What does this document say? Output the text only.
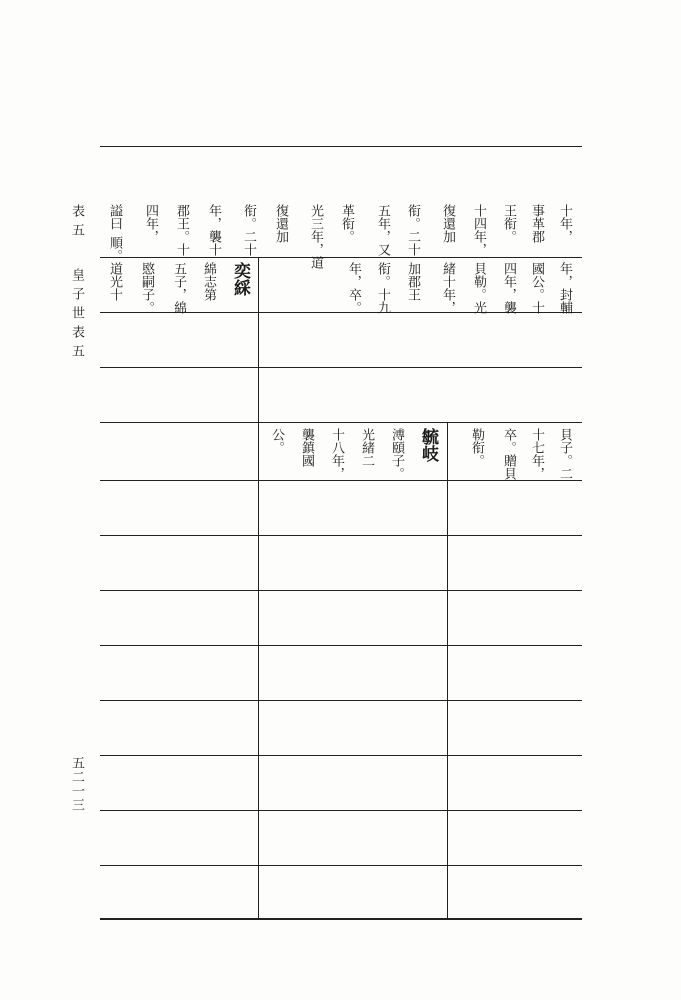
表五
皇子世表五
五二一三
十年，
事革郡
王衔。
十四年，
復還加
衔。二十
五年，又
革衔。
光三年，道
復還加
衔。二十
年，襲十
郡王。十
四年，
謚曰
順。
年，封輔
國公。十
四年，襲
貝勒。光
緒十年，
加郡王
衔。十九
年，卒。
奕綵
綿志第
五子，綿
愍嗣子。
道光十
貝子。二
十七年，
卒。贈貝
勒衔。
毓岐
溥頤子。
光緒二
十八年，
襲鎮國
公。
